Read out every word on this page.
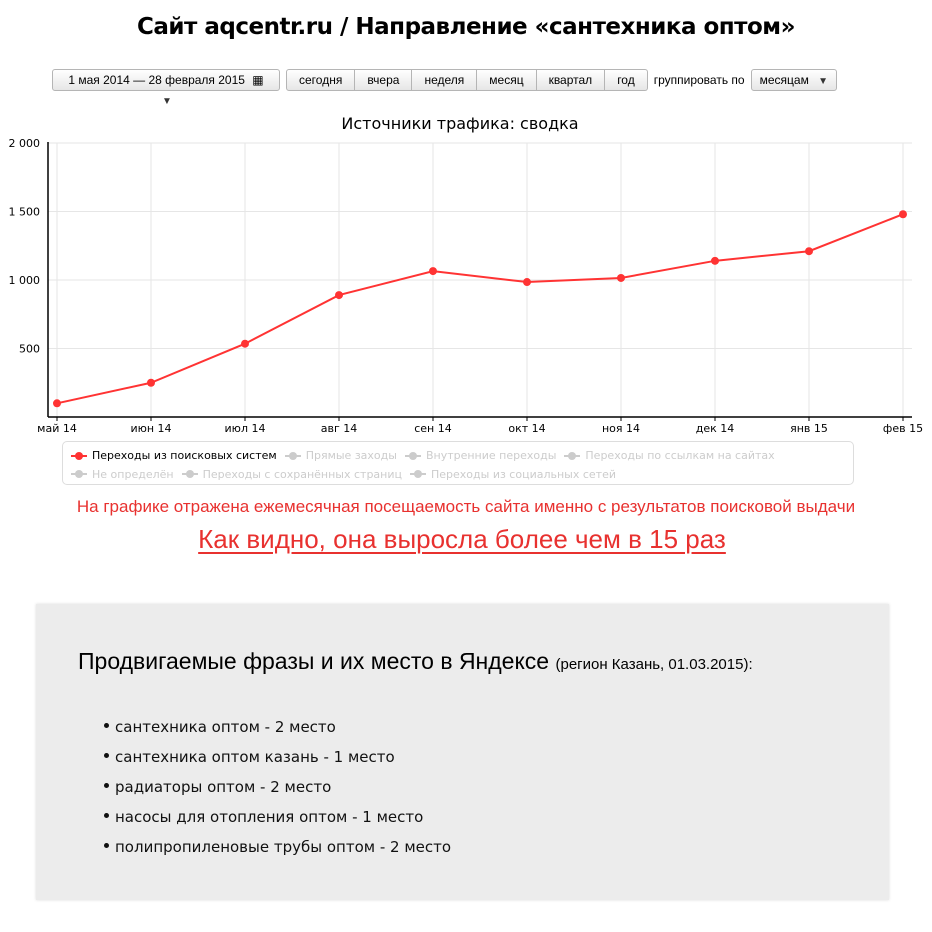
Сайт aqcentr.ru / Направление «сантехника оптом»
1 мая 2014 — 28 февраля 2015 ▦ ▼
сегодня	вчера	неделя	месяц	квартал	год	группировать по	месяцам ▼
Источники трафика: сводка
500
1 000
1 500
2 000
май 14	июн 14	июл 14	авг 14	сен 14	окт 14	ноя 14	дек 14	янв 15	фев 15
Переходы из поисковых систем	Прямые заходы	Внутренние переходы	Переходы по ссылкам на сайтах
Не определён	Переходы с сохранённых страниц	Переходы из социальных сетей
На графике отражена ежемесячная посещаемость сайта именно с результатов поисковой выдачи
Как видно, она выросла более чем в 15 раз
Продвигаемые фразы и их место в Яндексе (регион Казань, 01.03.2015):
сантехника оптом - 2 место
сантехника оптом казань - 1 место
радиаторы оптом - 2 место
насосы для отопления оптом - 1 место
полипропиленовые трубы оптом - 2 место
